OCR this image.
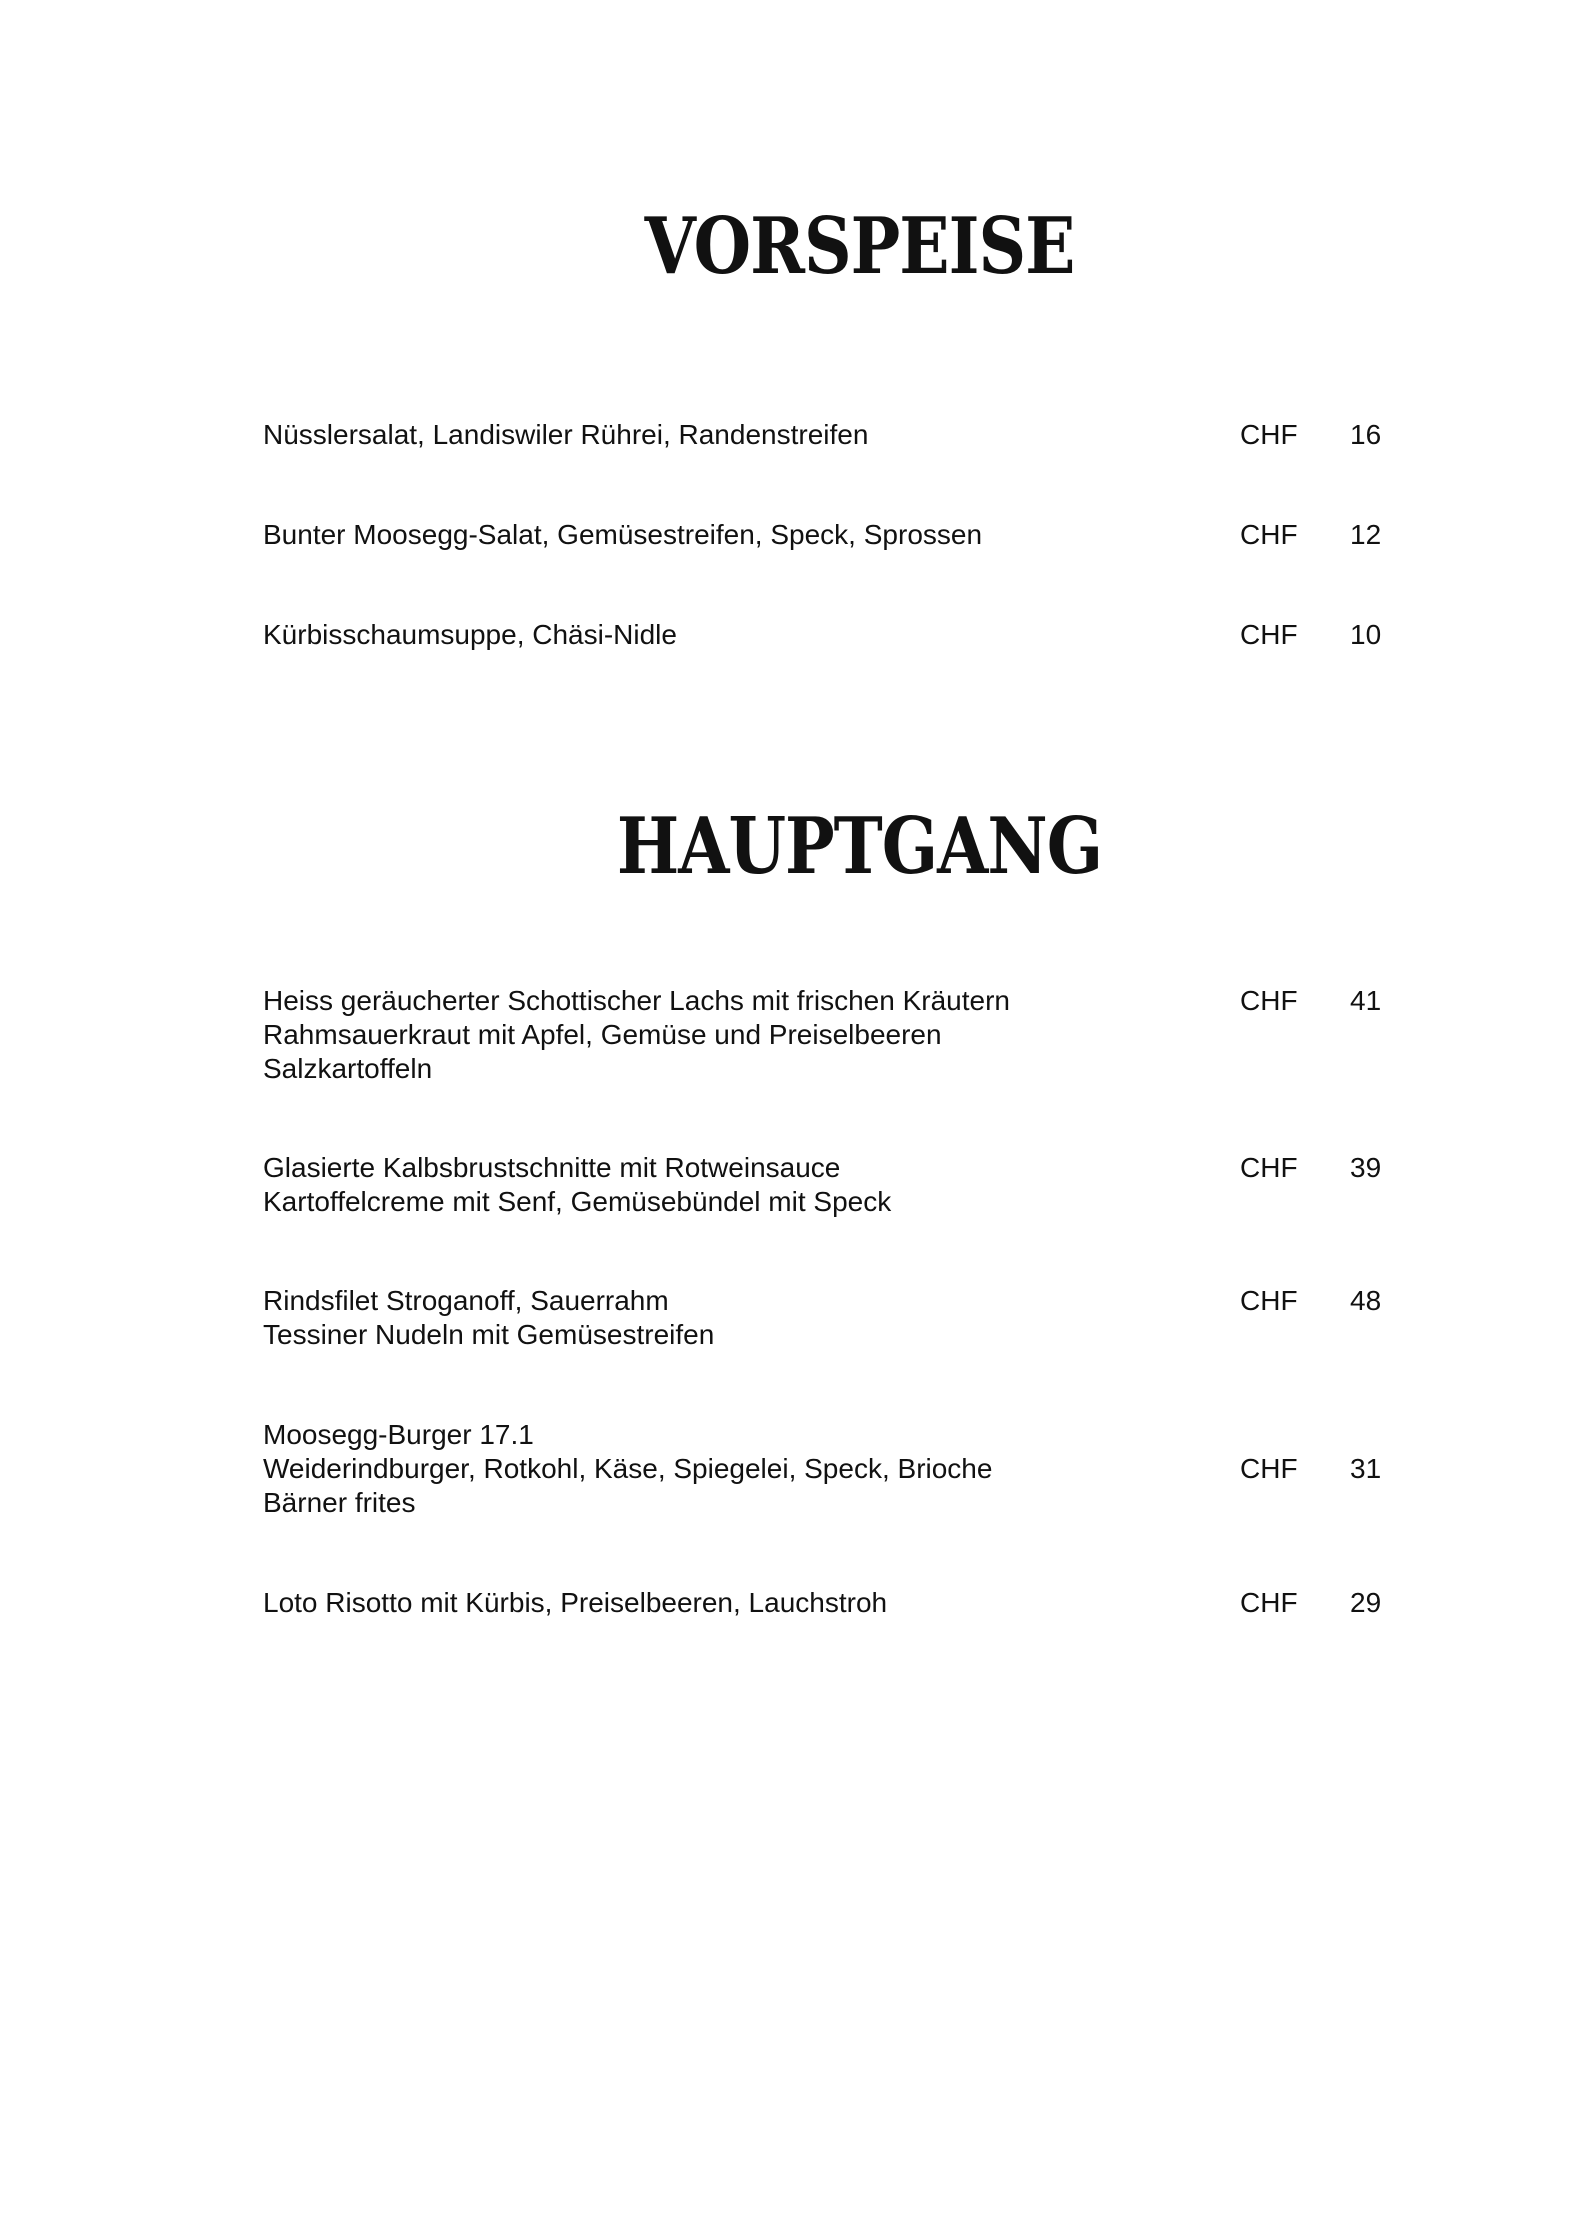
VORSPEISE
Nüsslersalat, Landiswiler Rührei, Randenstreifen	CHF	16
Bunter Moosegg-Salat, Gemüsestreifen, Speck, Sprossen	CHF	12
Kürbisschaumsuppe, Chäsi-Nidle	CHF	10
HAUPTGANG
Heiss geräucherter Schottischer Lachs mit frischen Kräutern
Rahmsauerkraut mit Apfel, Gemüse und Preiselbeeren
Salzkartoffeln
CHF	41
Glasierte Kalbsbrustschnitte mit Rotweinsauce
Kartoffelcreme mit Senf, Gemüsebündel mit Speck
CHF	39
Rindsfilet Stroganoff, Sauerrahm
Tessiner Nudeln mit Gemüsestreifen
CHF	48
Moosegg-Burger 17.1
Weiderindburger, Rotkohl, Käse, Spiegelei, Speck, Brioche
Bärner frites
CHF	31
Loto Risotto mit Kürbis, Preiselbeeren, Lauchstroh	CHF	29
